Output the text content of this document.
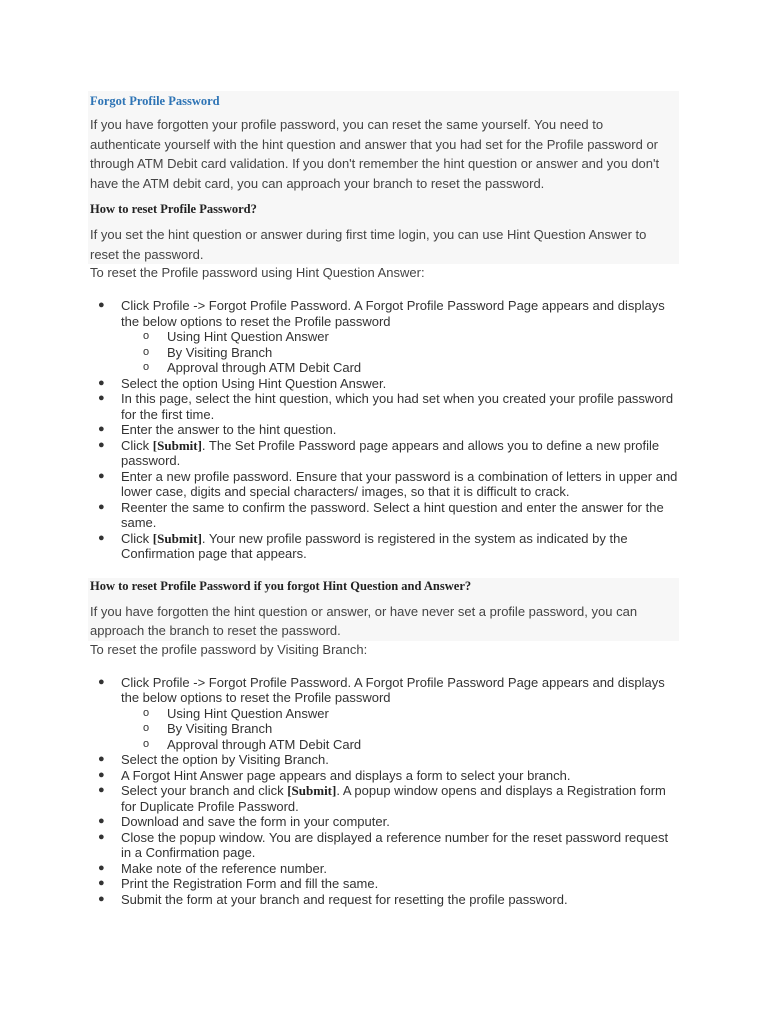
Forgot Profile Password
If you have forgotten your profile password, you can reset the same yourself. You need to authenticate yourself with the hint question and answer that you had set for the Profile password or through ATM Debit card validation. If you don't remember the hint question or answer and you don't have the ATM debit card, you can approach your branch to reset the password.
How to reset Profile Password?
If you set the hint question or answer during first time login, you can use Hint Question Answer to reset the password.
To reset the Profile password using Hint Question Answer:
● Click Profile -> Forgot Profile Password. A Forgot Profile Password Page appears and displays the below options to reset the Profile password
o Using Hint Question Answer
o By Visiting Branch
o Approval through ATM Debit Card
● Select the option Using Hint Question Answer.
● In this page, select the hint question, which you had set when you created your profile password for the first time.
● Enter the answer to the hint question.
● Click [Submit]. The Set Profile Password page appears and allows you to define a new profile password.
● Enter a new profile password. Ensure that your password is a combination of letters in upper and lower case, digits and special characters/ images, so that it is difficult to crack.
● Reenter the same to confirm the password. Select a hint question and enter the answer for the same.
● Click [Submit]. Your new profile password is registered in the system as indicated by the Confirmation page that appears.
How to reset Profile Password if you forgot Hint Question and Answer?
If you have forgotten the hint question or answer, or have never set a profile password, you can approach the branch to reset the password.
To reset the profile password by Visiting Branch:
● Click Profile -> Forgot Profile Password. A Forgot Profile Password Page appears and displays the below options to reset the Profile password
o Using Hint Question Answer
o By Visiting Branch
o Approval through ATM Debit Card
● Select the option by Visiting Branch.
● A Forgot Hint Answer page appears and displays a form to select your branch.
● Select your branch and click [Submit]. A popup window opens and displays a Registration form for Duplicate Profile Password.
● Download and save the form in your computer.
● Close the popup window. You are displayed a reference number for the reset password request in a Confirmation page.
● Make note of the reference number.
● Print the Registration Form and fill the same.
● Submit the form at your branch and request for resetting the profile password.
